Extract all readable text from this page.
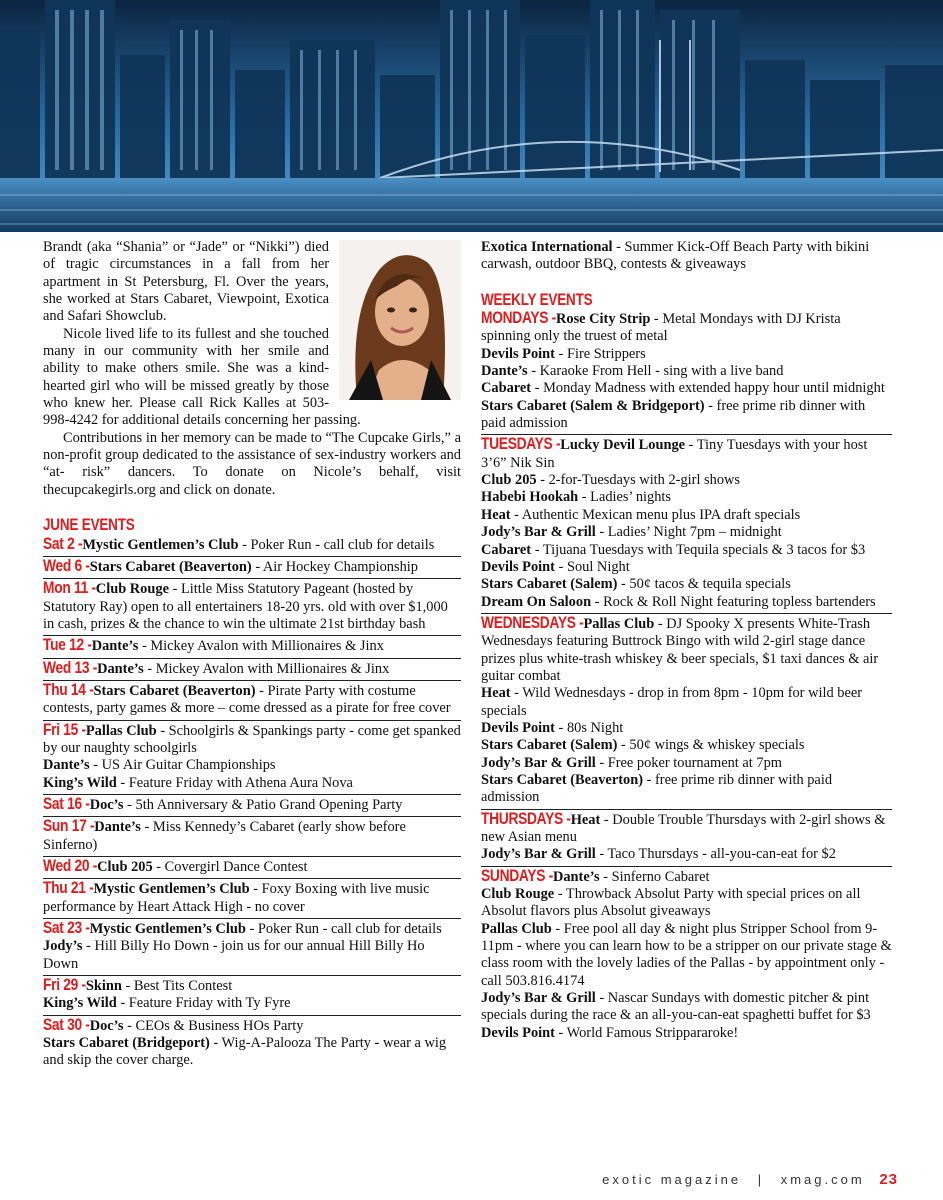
Brandt (aka “Shania” or “Jade” or “Nikki”) died of tragic circumstances in a fall from her apartment in St Petersburg, Fl. Over the years, she worked at Stars Cabaret, Viewpoint, Exotica and Safari Showclub.

Nicole lived life to its fullest and she touched many in our community with her smile and ability to make others smile. She was a kind-hearted girl who will be missed greatly by those who knew her. Please call Rick Kalles at 503-998-4242 for additional details concerning her passing.

Contributions in her memory can be made to “The Cupcake Girls,” a non-profit group dedicated to the assistance of sex-industry workers and “at- risk” dancers. To donate on Nicole’s behalf, visit thecupcakegirls.org and click on donate.

JUNE EVENTS

Sat 2 -Mystic Gentlemen’s Club - Poker Run - call club for details

Wed 6 -Stars Cabaret (Beaverton) - Air Hockey Championship

Mon 11 -Club Rouge - Little Miss Statutory Pageant (hosted by Statutory Ray) open to all entertainers 18-20 yrs. old with over $1,000 in cash, prizes & the chance to win the ultimate 21st birthday bash

Tue 12 -Dante’s - Mickey Avalon with Millionaires & Jinx

Wed 13 -Dante’s - Mickey Avalon with Millionaires & Jinx

Thu 14 -Stars Cabaret (Beaverton) - Pirate Party with costume contests, party games & more – come dressed as a pirate for free cover

Fri 15 -Pallas Club - Schoolgirls & Spankings party - come get spanked by our naughty schoolgirls

Dante’s - US Air Guitar Championships

King’s Wild - Feature Friday with Athena Aura Nova

Sat 16 -Doc’s - 5th Anniversary & Patio Grand Opening Party

Sun 17 -Dante’s - Miss Kennedy’s Cabaret (early show before Sinferno)

Wed 20 -Club 205 - Covergirl Dance Contest

Thu 21 -Mystic Gentlemen’s Club - Foxy Boxing with live music performance by Heart Attack High - no cover

Sat 23 -Mystic Gentlemen’s Club - Poker Run - call club for details

Jody’s - Hill Billy Ho Down - join us for our annual Hill Billy Ho Down

Fri 29 -Skinn - Best Tits Contest

King’s Wild - Feature Friday with Ty Fyre

Sat 30 -Doc’s - CEOs & Business HOs Party

Stars Cabaret (Bridgeport) - Wig-A-Palooza The Party - wear a wig and skip the cover charge.

Exotica International - Summer Kick-Off Beach Party with bikini carwash, outdoor BBQ, contests & giveaways

WEEKLY EVENTS

MONDAYS -Rose City Strip - Metal Mondays with DJ Krista spinning only the truest of metal

Devils Point - Fire Strippers

Dante’s - Karaoke From Hell - sing with a live band

Cabaret - Monday Madness with extended happy hour until midnight

Stars Cabaret (Salem & Bridgeport) - free prime rib dinner with paid admission

TUESDAYS -Lucky Devil Lounge - Tiny Tuesdays with your host 3’6” Nik Sin

Club 205 - 2-for-Tuesdays with 2-girl shows

Habebi Hookah - Ladies’ nights

Heat - Authentic Mexican menu plus IPA draft specials

Jody’s Bar & Grill - Ladies’ Night 7pm – midnight

Cabaret - Tijuana Tuesdays with Tequila specials & 3 tacos for $3

Devils Point - Soul Night

Stars Cabaret (Salem) - 50¢ tacos & tequila specials

Dream On Saloon - Rock & Roll Night featuring topless bartenders

WEDNESDAYS -Pallas Club - DJ Spooky X presents White-Trash Wednesdays featuring Buttrock Bingo with wild 2-girl stage dance prizes plus white-trash whiskey & beer specials, $1 taxi dances & air guitar combat

Heat - Wild Wednesdays - drop in from 8pm - 10pm for wild beer specials

Devils Point - 80s Night

Stars Cabaret (Salem) - 50¢ wings & whiskey specials

Jody’s Bar & Grill - Free poker tournament at 7pm

Stars Cabaret (Beaverton) - free prime rib dinner with paid admission

THURSDAYS -Heat - Double Trouble Thursdays with 2-girl shows & new Asian menu

Jody’s Bar & Grill - Taco Thursdays - all-you-can-eat for $2

SUNDAYS -Dante’s - Sinferno Cabaret

Club Rouge - Throwback Absolut Party with special prices on all Absolut flavors plus Absolut giveaways

Pallas Club - Free pool all day & night plus Stripper School from 9-11pm - where you can learn how to be a stripper on our private stage & class room with the lovely ladies of the Pallas - by appointment only - call 503.816.4174

Jody’s Bar & Grill - Nascar Sundays with domestic pitcher & pint specials during the race & an all-you-can-eat spaghetti buffet for $3

Devils Point - World Famous Strippararoke!

exotic magazine | xmag.com 23
